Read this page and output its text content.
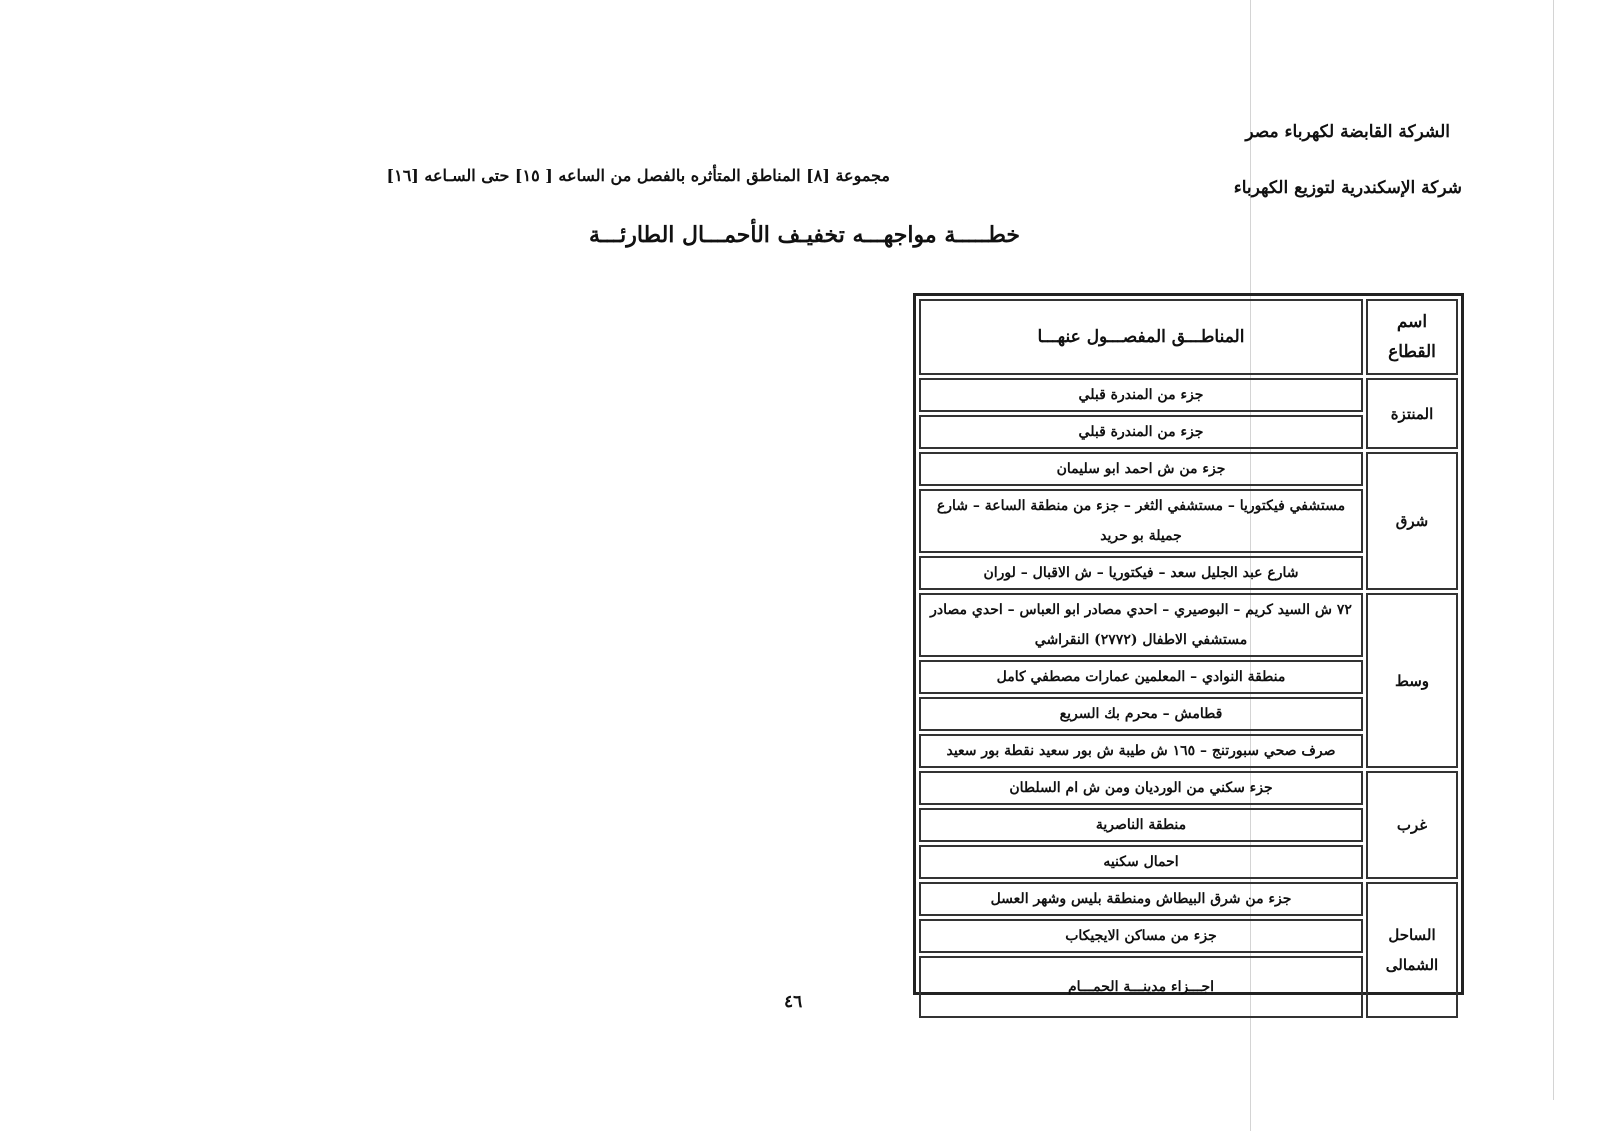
الشركة القابضة لكهرباء مصر
شركة الإسكندرية لتوزيع الكهرباء
مجموعة [٨] المناطق المتأثره بالفصل من الساعه [ ١٥] حتى السـاعه [١٦]
خطـــــة مواجهـــه تخفيـف الأحمـــال الطارئـــة
اسم القطاع	المناطـــق المفصـــول عنهـــا
المنتزة	جزء من المندرة قبلي
	جزء من المندرة قبلي
شرق	جزء من ش احمد ابو سليمان
	مستشفي فيكتوريا – مستشفي الثغر – جزء من منطقة الساعة – شارع جميلة بو حريد
	شارع عبد الجليل سعد – فيكتوريا – ش الاقبال – لوران
وسط	٧٢ ش السيد كريم – البوصيري – احدي مصادر ابو العباس – احدي مصادر مستشفي الاطفال (٢٧٧٢) النقراشي
	منطقة النوادي – المعلمين عمارات مصطفي كامل
	قطامش – محرم بك السريع
	صرف صحي سبورتنج – ١٦٥ ش طيبة ش بور سعيد نقطة بور سعيد
غرب	جزء سكني من الورديان ومن ش ام السلطان
	منطقة الناصرية
	احمال سكنيه
الساحل الشمالى	جزء من شرق البيطاش ومنطقة بليس وشهر العسل
	جزء من مساكن الايجيكاب
	اجـــزاء مدينـــة الحمـــام
٤٦
